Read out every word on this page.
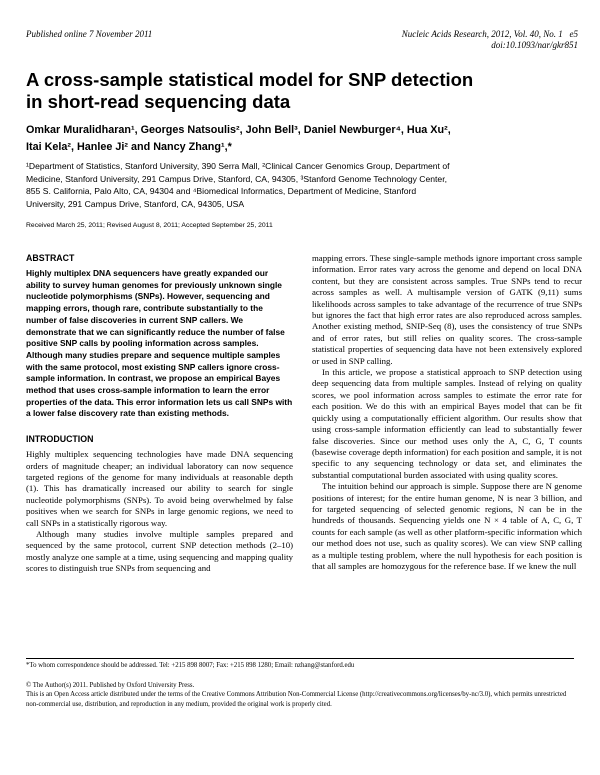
Published online 7 November 2011	Nucleic Acids Research, 2012, Vol. 40, No. 1 e5
doi:10.1093/nar/gkr851
A cross-sample statistical model for SNP detection
in short-read sequencing data
Omkar Muralidharan¹, Georges Natsoulis², John Bell³, Daniel Newburger⁴, Hua Xu²,
Itai Kela², Hanlee Ji² and Nancy Zhang¹,*
¹Department of Statistics, Stanford University, 390 Serra Mall, ²Clinical Cancer Genomics Group, Department of
Medicine, Stanford University, 291 Campus Drive, Stanford, CA, 94305, ³Stanford Genome Technology Center,
855 S. California, Palo Alto, CA, 94304 and ⁴Biomedical Informatics, Department of Medicine, Stanford
University, 291 Campus Drive, Stanford, CA, 94305, USA
Received March 25, 2011; Revised August 8, 2011; Accepted September 25, 2011
ABSTRACT

Highly multiplex DNA sequencers have greatly expanded our ability to survey human genomes for previously unknown single nucleotide polymorphisms (SNPs). However, sequencing and mapping errors, though rare, contribute substantially to the number of false discoveries in current SNP callers. We demonstrate that we can significantly reduce the number of false positive SNP calls by pooling information across samples. Although many studies prepare and sequence multiple samples with the same protocol, most existing SNP callers ignore cross-sample information. In contrast, we propose an empirical Bayes method that uses cross-sample information to learn the error properties of the data. This error information lets us call SNPs with a lower false discovery rate than existing methods.

INTRODUCTION

Highly multiplex sequencing technologies have made DNA sequencing orders of magnitude cheaper; an individual laboratory can now sequence targeted regions of the genome for many individuals at reasonable depth (1). This has dramatically increased our ability to search for single nucleotide polymorphisms (SNPs). To avoid being overwhelmed by false positives when we search for SNPs in large genomic regions, we need to call SNPs in a statistically rigorous way.

Although many studies involve multiple samples prepared and sequenced by the same protocol, current SNP detection methods (2–10) mostly analyze one sample at a time, using sequencing and mapping quality scores to distinguish true SNPs from sequencing and

mapping errors. These single-sample methods ignore important cross sample information. Error rates vary across the genome and depend on local DNA content, but they are consistent across samples. True SNPs tend to recur across samples as well. A multisample version of GATK (9,11) sums likelihoods across samples to take advantage of the recurrence of true SNPs but ignores the fact that high error rates are also reproduced across samples. Another existing method, SNIP-Seq (8), uses the consistency of true SNPs and of error rates, but still relies on quality scores. The cross-sample statistical properties of sequencing data have not been extensively explored or used in SNP calling.

In this article, we propose a statistical approach to SNP detection using deep sequencing data from multiple samples. Instead of relying on quality scores, we pool information across samples to estimate the error rate for each position. We do this with an empirical Bayes model that can be fit quickly using a computationally efficient algorithm. Our results show that using cross-sample information efficiently can lead to substantially fewer false discoveries. Since our method uses only the A, C, G, T counts (basewise coverage depth information) for each position and sample, it is not specific to any sequencing technology or data set, and eliminates the substantial computational burden associated with using quality scores.

The intuition behind our approach is simple. Suppose there are N genome positions of interest; for the entire human genome, N is near 3 billion, and for targeted sequencing of selected genomic regions, N can be in the hundreds of thousands. Sequencing yields one N × 4 table of A, C, G, T counts for each sample (as well as other platform-specific information which our method does not use, such as quality scores). We can view SNP calling as a multiple testing problem, where the null hypothesis for each position is that all samples are homozygous for the reference base. If we knew the null

*To whom correspondence should be addressed. Tel: +215 898 8007; Fax: +215 898 1280; Email: nzhang@stanford.edu
© The Author(s) 2011. Published by Oxford University Press.
This is an Open Access article distributed under the terms of the Creative Commons Attribution Non-Commercial License (http://creativecommons.org/licenses/by-nc/3.0), which permits unrestricted non-commercial use, distribution, and reproduction in any medium, provided the original work is properly cited.
